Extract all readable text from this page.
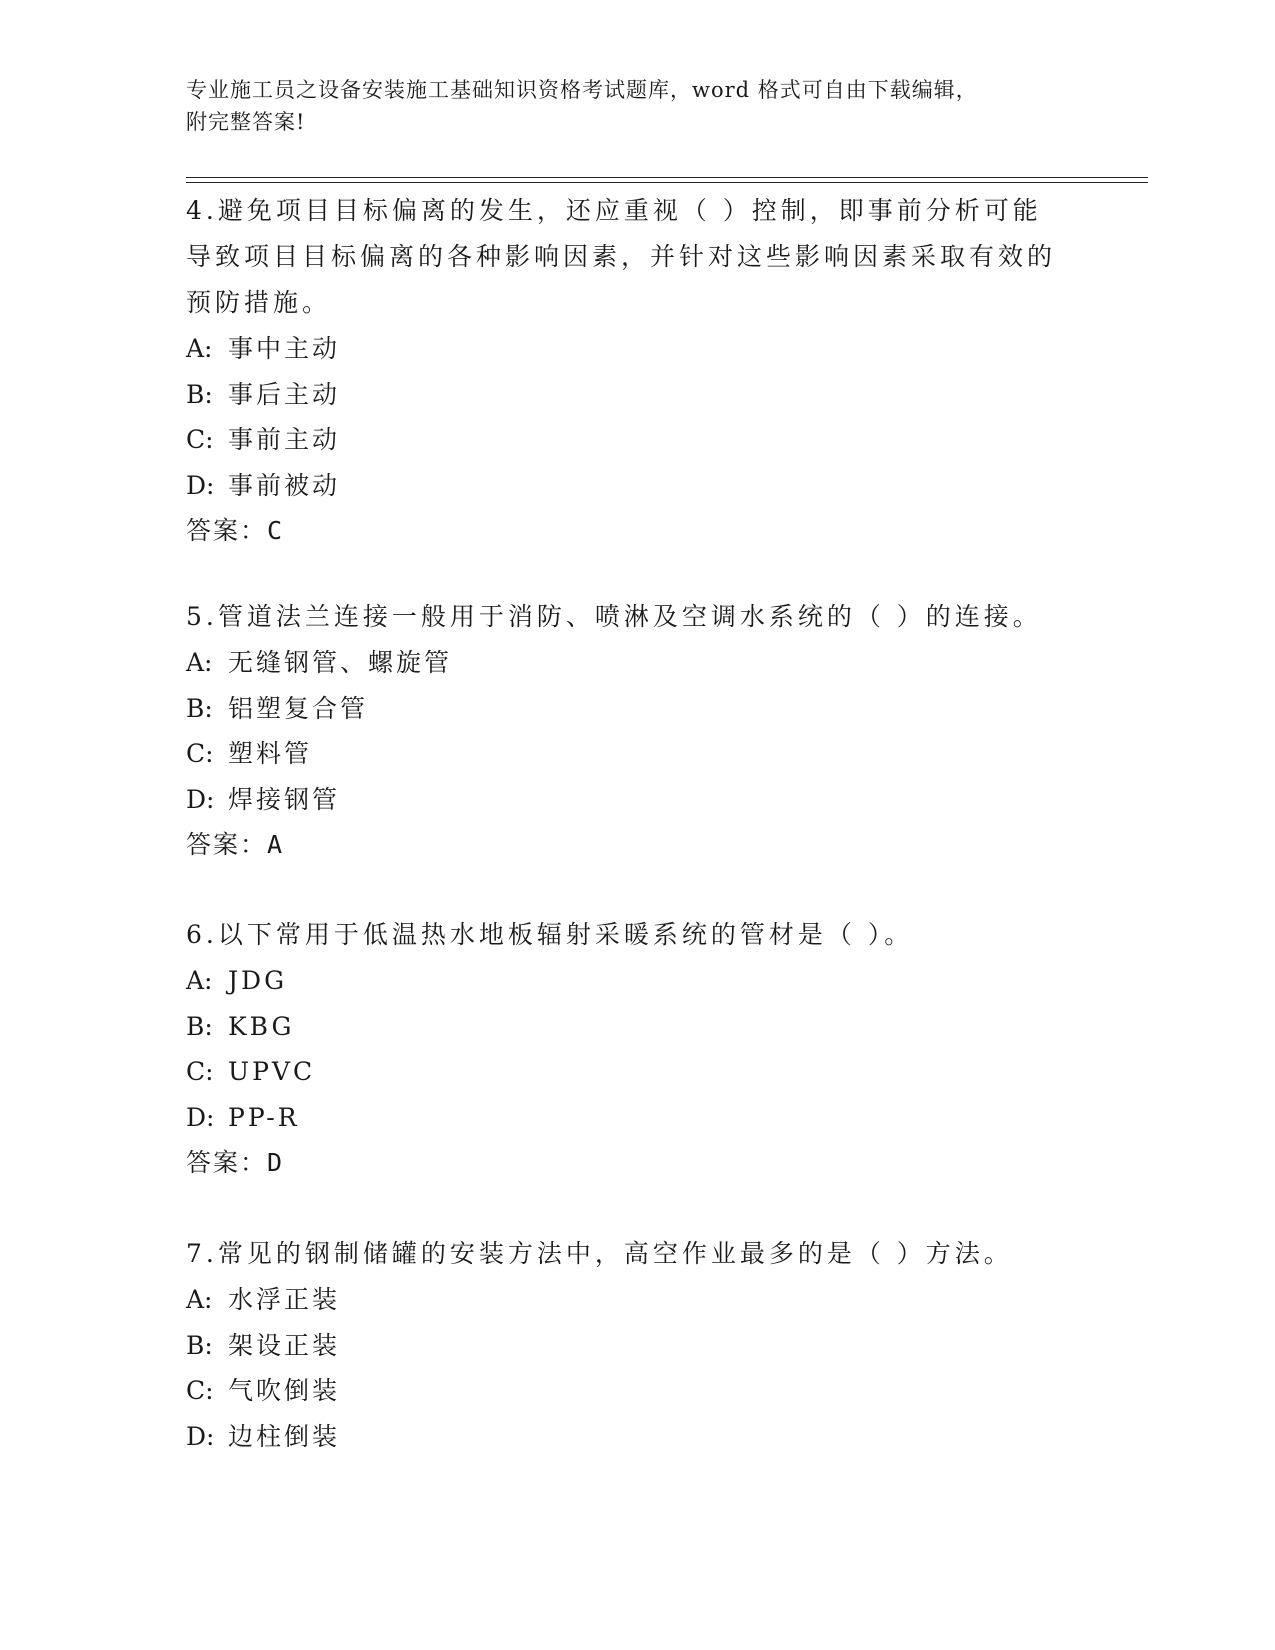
专业施工员之设备安装施工基础知识资格考试题库，word 格式可自由下载编辑，
附完整答案!

4.避免项目目标偏离的发生，还应重视（ ）控制，即事前分析可能导致项目目标偏离的各种影响因素，并针对这些影响因素采取有效的预防措施。

A: 事中主动

B: 事后主动

C: 事前主动

D: 事前被动

答案：C

5.管道法兰连接一般用于消防、喷淋及空调水系统的（ ）的连接。

A: 无缝钢管、螺旋管

B: 铝塑复合管

C: 塑料管

D: 焊接钢管

答案：A

6.以下常用于低温热水地板辐射采暖系统的管材是（ ）。

A: JDG

B: KBG

C: UPVC

D: PP-R

答案：D

7.常见的钢制储罐的安装方法中，高空作业最多的是（ ）方法。

A: 水浮正装

B: 架设正装

C: 气吹倒装

D: 边柱倒装
